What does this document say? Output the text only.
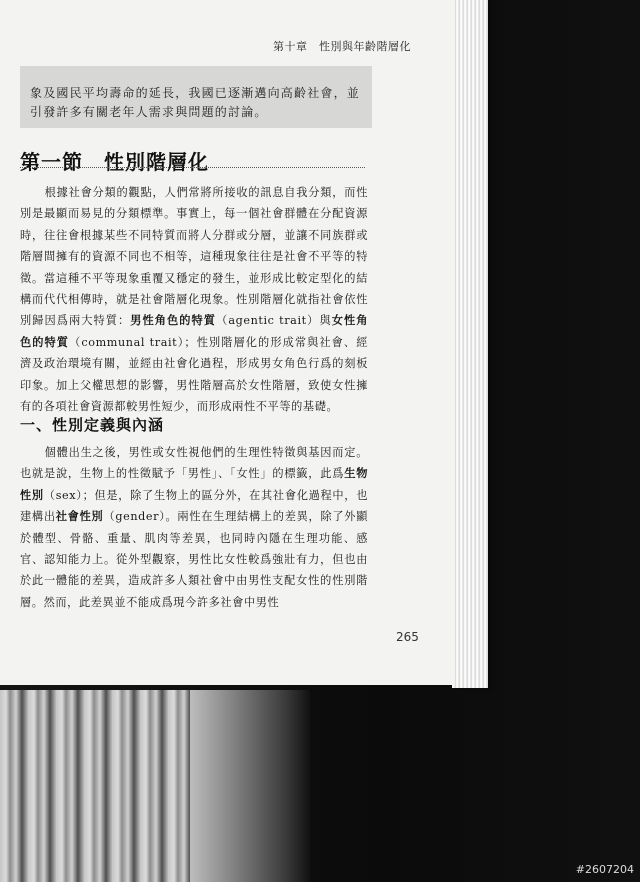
第十章　性別與年齡階層化
象及國民平均壽命的延長，我國已逐漸邁向高齡社會，並引發許多有關老年人需求與問題的討論。
第一節　性別階層化

根據社會分類的觀點，人們常將所接收的訊息自我分類，而性別是最顯而易見的分類標準。事實上，每一個社會群體在分配資源時，往往會根據某些不同特質而將人分群或分層，並讓不同族群或階層間擁有的資源不同也不相等，這種現象往往是社會不平等的特徵。當這種不平等現象重覆又穩定的發生，並形成比較定型化的結構而代代相傳時，就是社會階層化現象。性別階層化就指社會依性別歸因爲兩大特質：男性角色的特質（agentic trait）與女性角色的特質（communal trait）；性別階層化的形成常與社會、經濟及政治環境有關，並經由社會化過程，形成男女角色行爲的刻板印象。加上父權思想的影響，男性階層高於女性階層，致使女性擁有的各項社會資源都較男性短少，而形成兩性不平等的基礎。

一、性別定義與內涵

個體出生之後，男性或女性視他們的生理性特徵與基因而定。也就是說，生物上的性徵賦予「男性」、「女性」的標籤，此爲生物性別（sex）；但是，除了生物上的區分外，在其社會化過程中，也建構出社會性別（gender）。兩性在生理結構上的差異，除了外顯於體型、骨骼、重量、肌肉等差異，也同時內隱在生理功能、感官、認知能力上。從外型觀察，男性比女性較爲強壯有力，但也由於此一體能的差異，造成許多人類社會中由男性支配女性的性別階層。然而，此差異並不能成爲現今許多社會中男性

265
#2607204
